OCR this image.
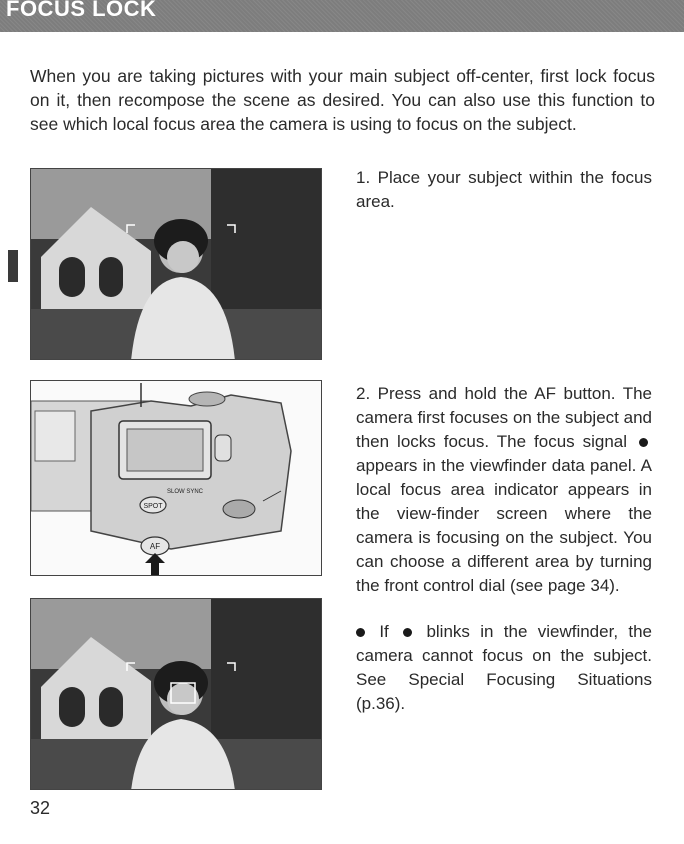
FOCUS LOCK

When you are taking pictures with your main subject off-center, first lock focus on it, then recompose the scene as desired. You can also use this function to see which local focus area the camera is using to focus on the subject.

SPOT
SLOW SYNC
AF

1. Place your subject within the focus area.

2. Press and hold the AF button. The camera first focuses on the subject and then locks focus. The focus signal  appears in the viewfinder data panel. A local focus area indicator appears in the view-finder screen where the camera is focusing on the subject. You can choose a different area by turning the front control dial (see page 34).

If blinks in the viewfinder, the camera cannot focus on the subject. See Special Focusing Situations (p.36).

32
